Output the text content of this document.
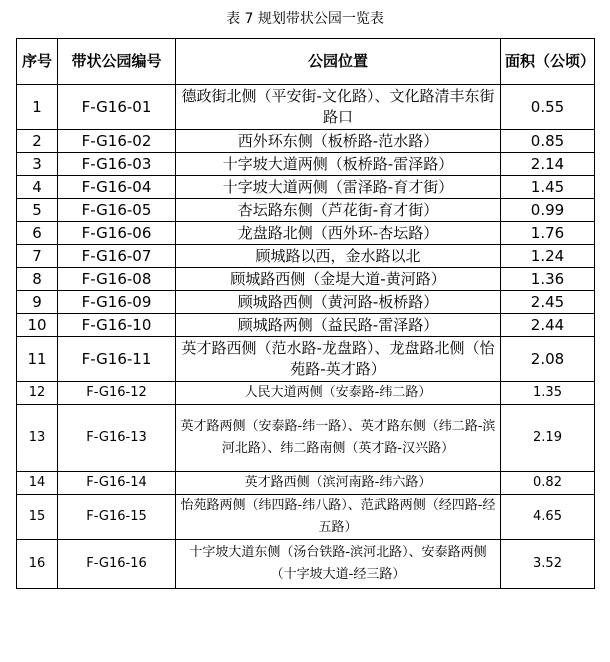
表 7 规划带状公园一览表
序号	带状公园编号	公园位置	面积（公顷）
1	F-G16-01	德政街北侧（平安街-文化路）、文化路清丰东街路口	0.55
2	F-G16-02	西外环东侧（板桥路-范水路）	0.85
3	F-G16-03	十字坡大道两侧（板桥路-雷泽路）	2.14
4	F-G16-04	十字坡大道两侧（雷泽路-育才街）	1.45
5	F-G16-05	杏坛路东侧（芦花街-育才街）	0.99
6	F-G16-06	龙盘路北侧（西外环-杏坛路）	1.76
7	F-G16-07	顾城路以西，金水路以北	1.24
8	F-G16-08	顾城路西侧（金堤大道-黄河路）	1.36
9	F-G16-09	顾城路西侧（黄河路-板桥路）	2.45
10	F-G16-10	顾城路两侧（益民路-雷泽路）	2.44
11	F-G16-11	英才路西侧（范水路-龙盘路）、龙盘路北侧（怡苑路-英才路）	2.08
12	F-G16-12	人民大道两侧（安泰路-纬二路）	1.35
13	F-G16-13	英才路两侧（安泰路-纬一路）、英才路东侧（纬二路-滨河北路）、纬二路南侧（英才路-汉兴路）	2.19
14	F-G16-14	英才路西侧（滨河南路-纬六路）	0.82
15	F-G16-15	怡苑路两侧（纬四路-纬八路）、范武路两侧（经四路-经五路）	4.65
16	F-G16-16	十字坡大道东侧（汤台铁路-滨河北路）、安泰路两侧（十字坡大道-经三路）	3.52
